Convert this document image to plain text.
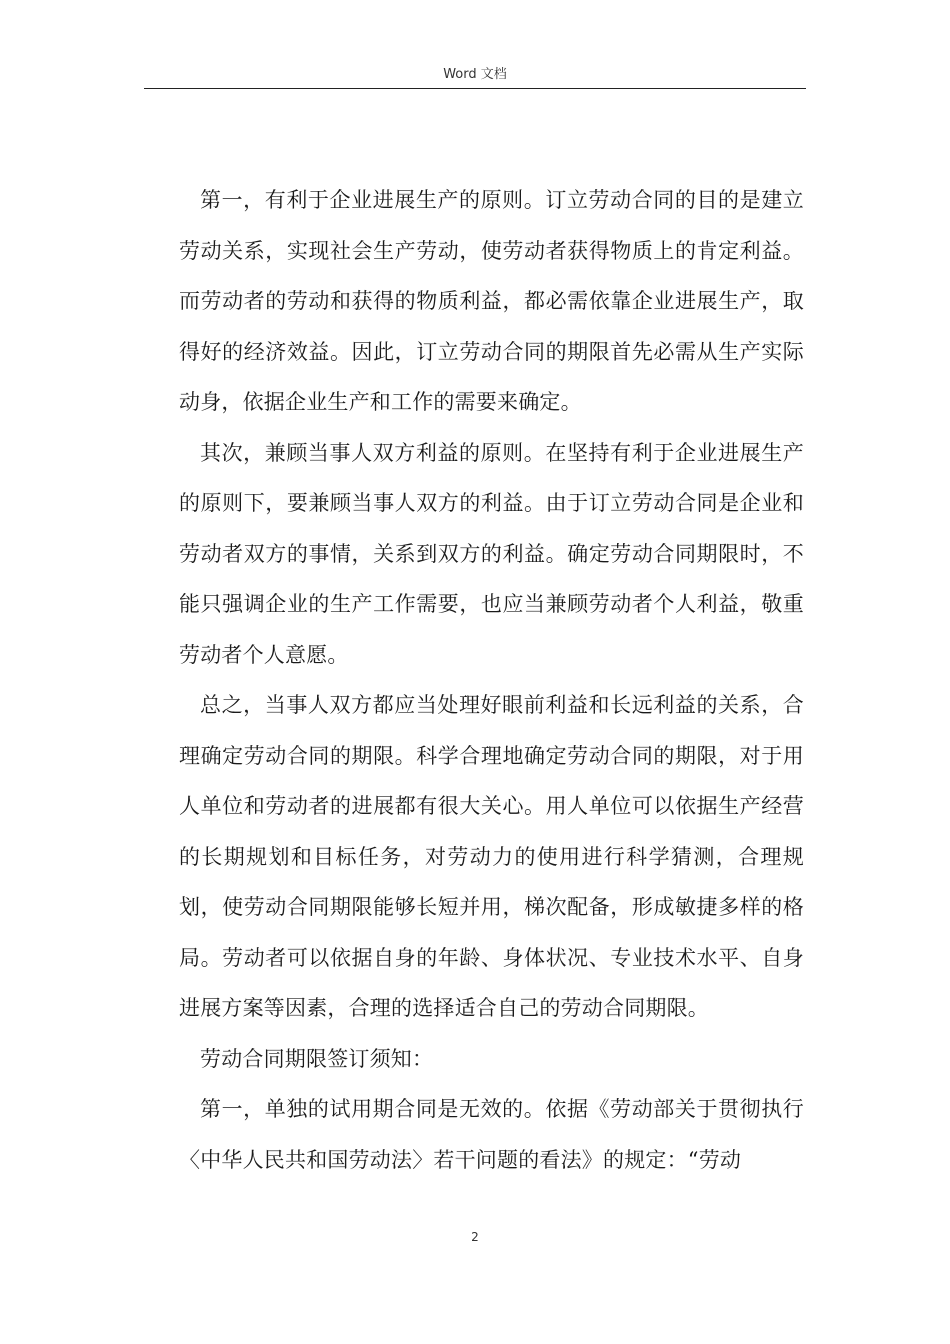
Word 文档

第一，有利于企业进展生产的原则。订立劳动合同的目的是建立劳动关系，实现社会生产劳动，使劳动者获得物质上的肯定利益。而劳动者的劳动和获得的物质利益，都必需依靠企业进展生产，取得好的经济效益。因此，订立劳动合同的期限首先必需从生产实际动身，依据企业生产和工作的需要来确定。

其次，兼顾当事人双方利益的原则。在坚持有利于企业进展生产的原则下，要兼顾当事人双方的利益。由于订立劳动合同是企业和劳动者双方的事情，关系到双方的利益。确定劳动合同期限时，不能只强调企业的生产工作需要，也应当兼顾劳动者个人利益，敬重劳动者个人意愿。

总之，当事人双方都应当处理好眼前利益和长远利益的关系，合理确定劳动合同的期限。科学合理地确定劳动合同的期限，对于用人单位和劳动者的进展都有很大关心。用人单位可以依据生产经营的长期规划和目标任务，对劳动力的使用进行科学猜测，合理规划，使劳动合同期限能够长短并用，梯次配备，形成敏捷多样的格局。劳动者可以依据自身的年龄、身体状况、专业技术水平、自身进展方案等因素，合理的选择适合自己的劳动合同期限。

劳动合同期限签订须知：

第一，单独的试用期合同是无效的。依据《劳动部关于贯彻执行〈中华人民共和国劳动法〉若干问题的看法》的规定：“劳动

2
